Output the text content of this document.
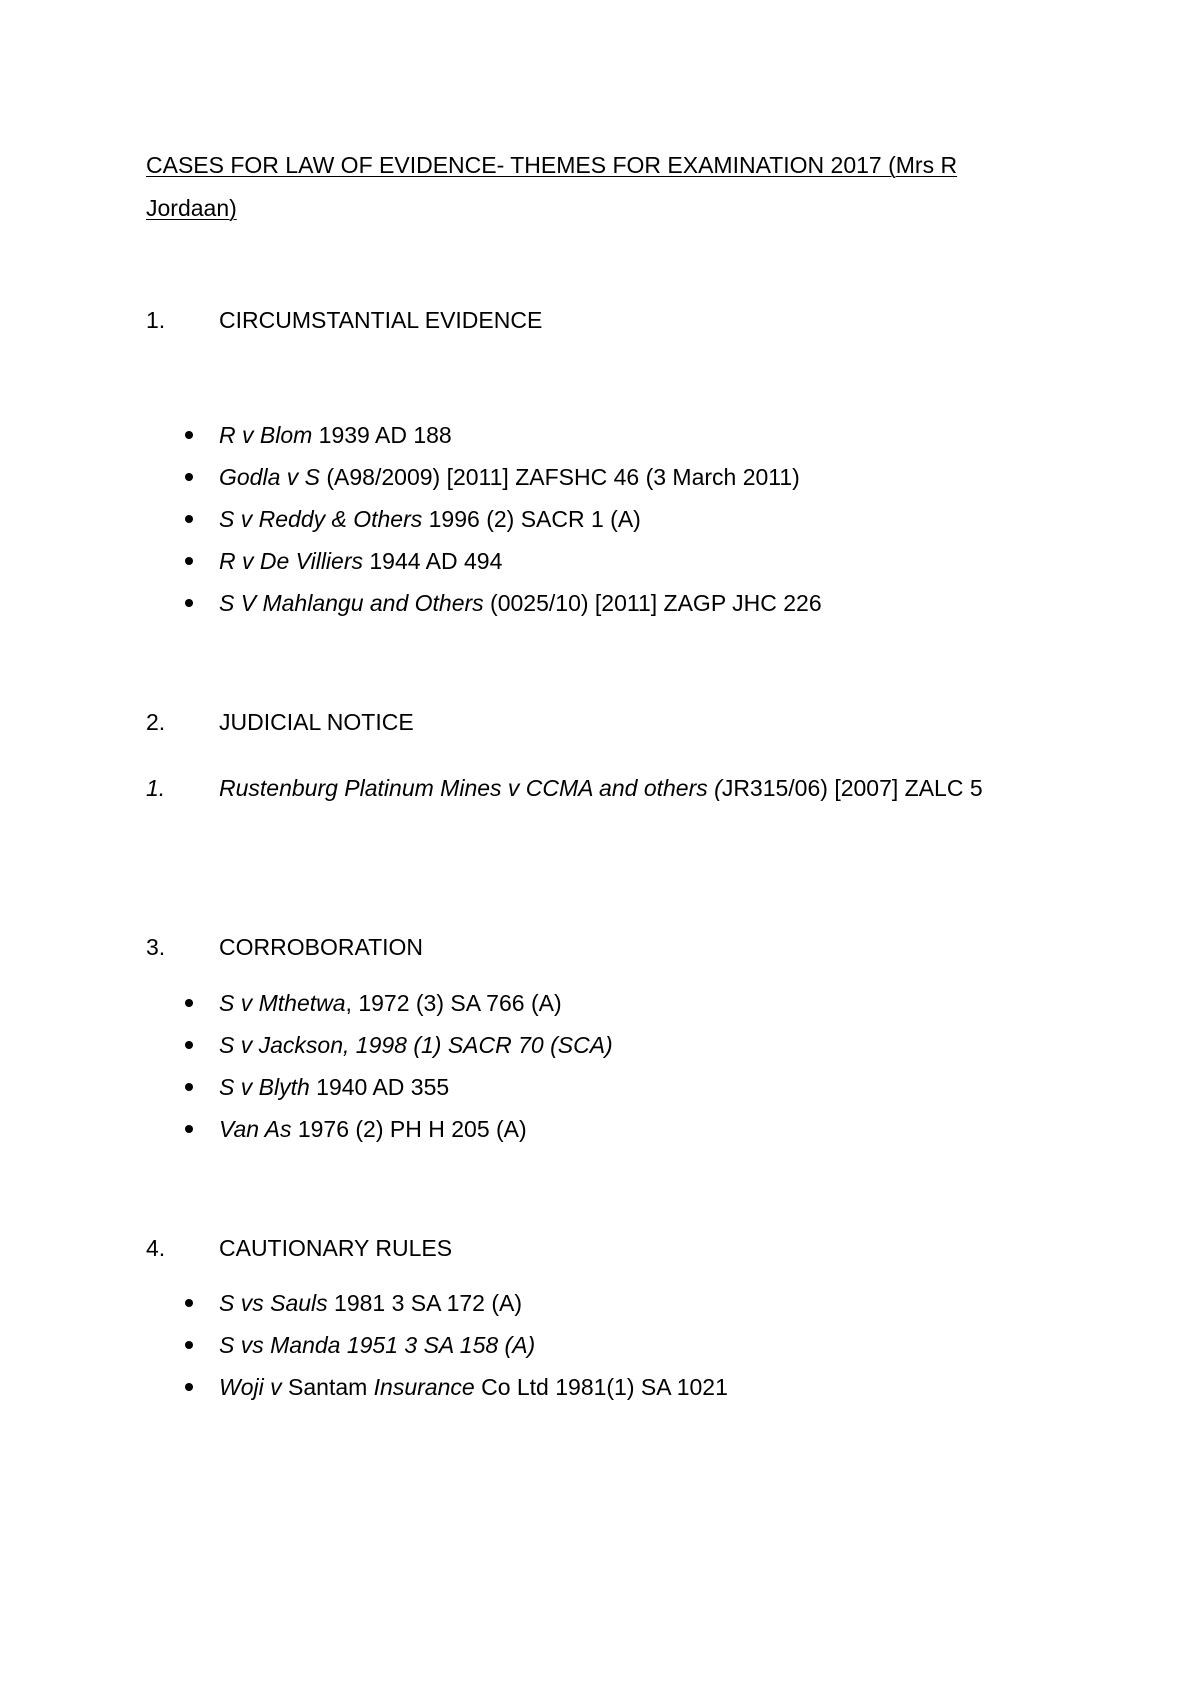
CASES FOR LAW OF EVIDENCE- THEMES FOR EXAMINATION 2017 (Mrs R Jordaan)
1. CIRCUMSTANTIAL EVIDENCE
R v Blom 1939 AD 188
Godla v S (A98/2009) [2011] ZAFSHC 46 (3 March 2011)
S v Reddy & Others 1996 (2) SACR 1 (A)
R v De Villiers 1944 AD 494
S V Mahlangu and Others (0025/10) [2011] ZAGP JHC 226
2. JUDICIAL NOTICE
1.	Rustenburg Platinum Mines v CCMA and others (JR315/06) [2007] ZALC 5
3. CORROBORATION
S v Mthetwa, 1972 (3) SA 766 (A)
S v Jackson, 1998 (1) SACR 70 (SCA)
S v Blyth 1940 AD 355
Van As 1976 (2) PH H 205 (A)
4. CAUTIONARY RULES
S vs Sauls 1981 3 SA 172 (A)
S vs Manda 1951 3 SA 158 (A)
Woji v Santam Insurance Co Ltd 1981(1) SA 1021
